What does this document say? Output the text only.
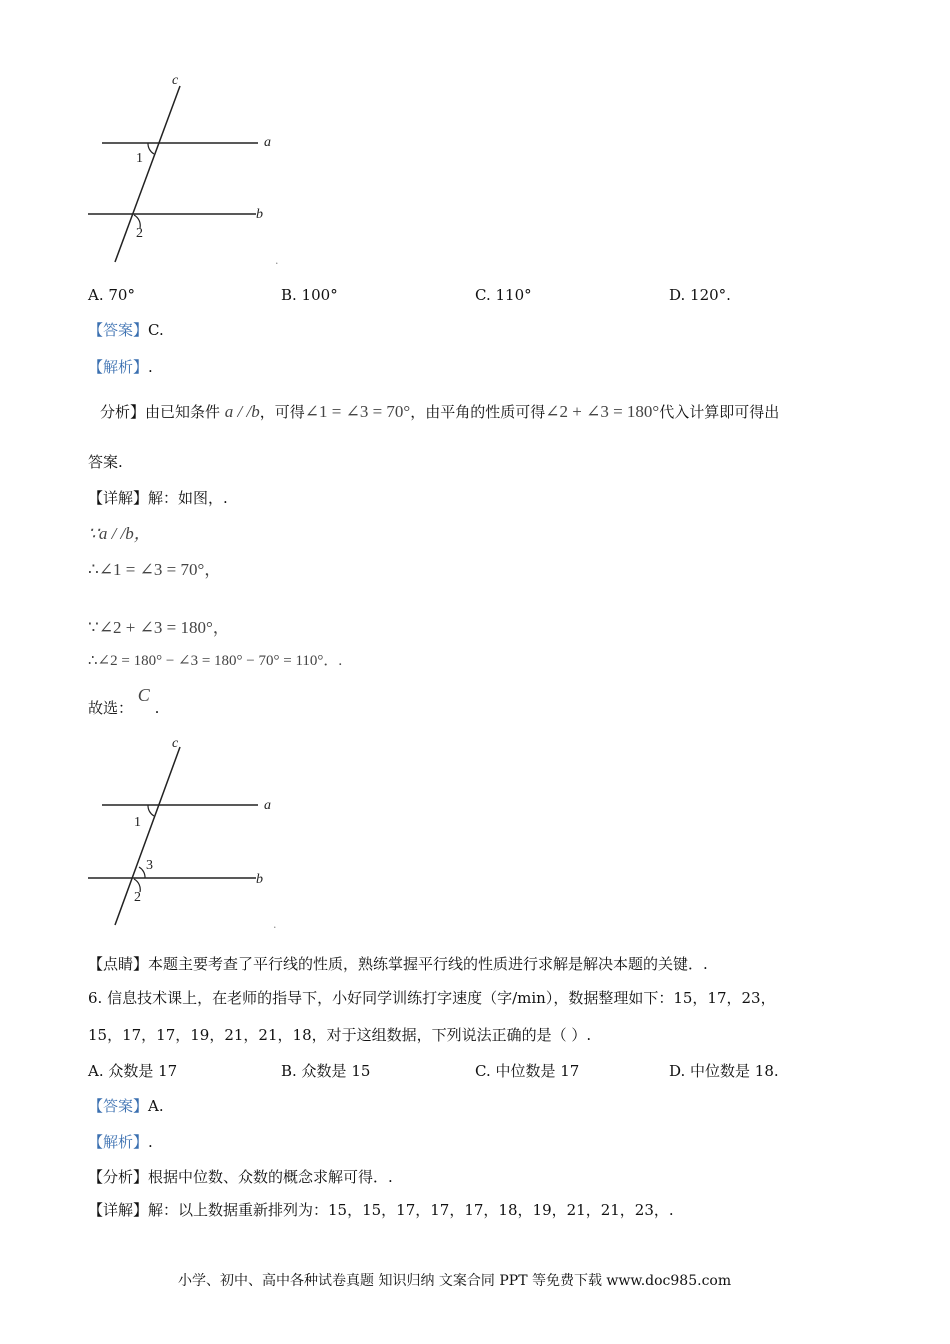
c
a
b
1
2
.
A. 70°	B. 100°	C. 110°	D. 120°.
【答案】C.
【解析】.
分析】由已知条件 a / /b，可得∠1 = ∠3 = 70°，由平角的性质可得∠2 + ∠3 = 180°代入计算即可得出
答案.
【详解】解：如图，.
∵a / /b，
∴∠1 = ∠3 = 70°，
∵∠2 + ∠3 = 180°，
∴∠2 = 180° − ∠3 = 180° − 70° = 110°．.
故选： C .
c
a
b
1
3
2
.
【点睛】本题主要考查了平行线的性质，熟练掌握平行线的性质进行求解是解决本题的关键．.
6. 信息技术课上，在老师的指导下，小好同学训练打字速度（字/min），数据整理如下：15，17，23，
15，17，17，19，21，21，18，对于这组数据，下列说法正确的是（ ）.
A. 众数是 17	B. 众数是 15	C. 中位数是 17	D. 中位数是 18.
【答案】A.
【解析】.
【分析】根据中位数、众数的概念求解可得．.
【详解】解：以上数据重新排列为：15，15，17，17，17，18，19，21，21，23，.
小学、初中、高中各种试卷真题 知识归纳 文案合同 PPT 等免费下载 www.doc985.com
